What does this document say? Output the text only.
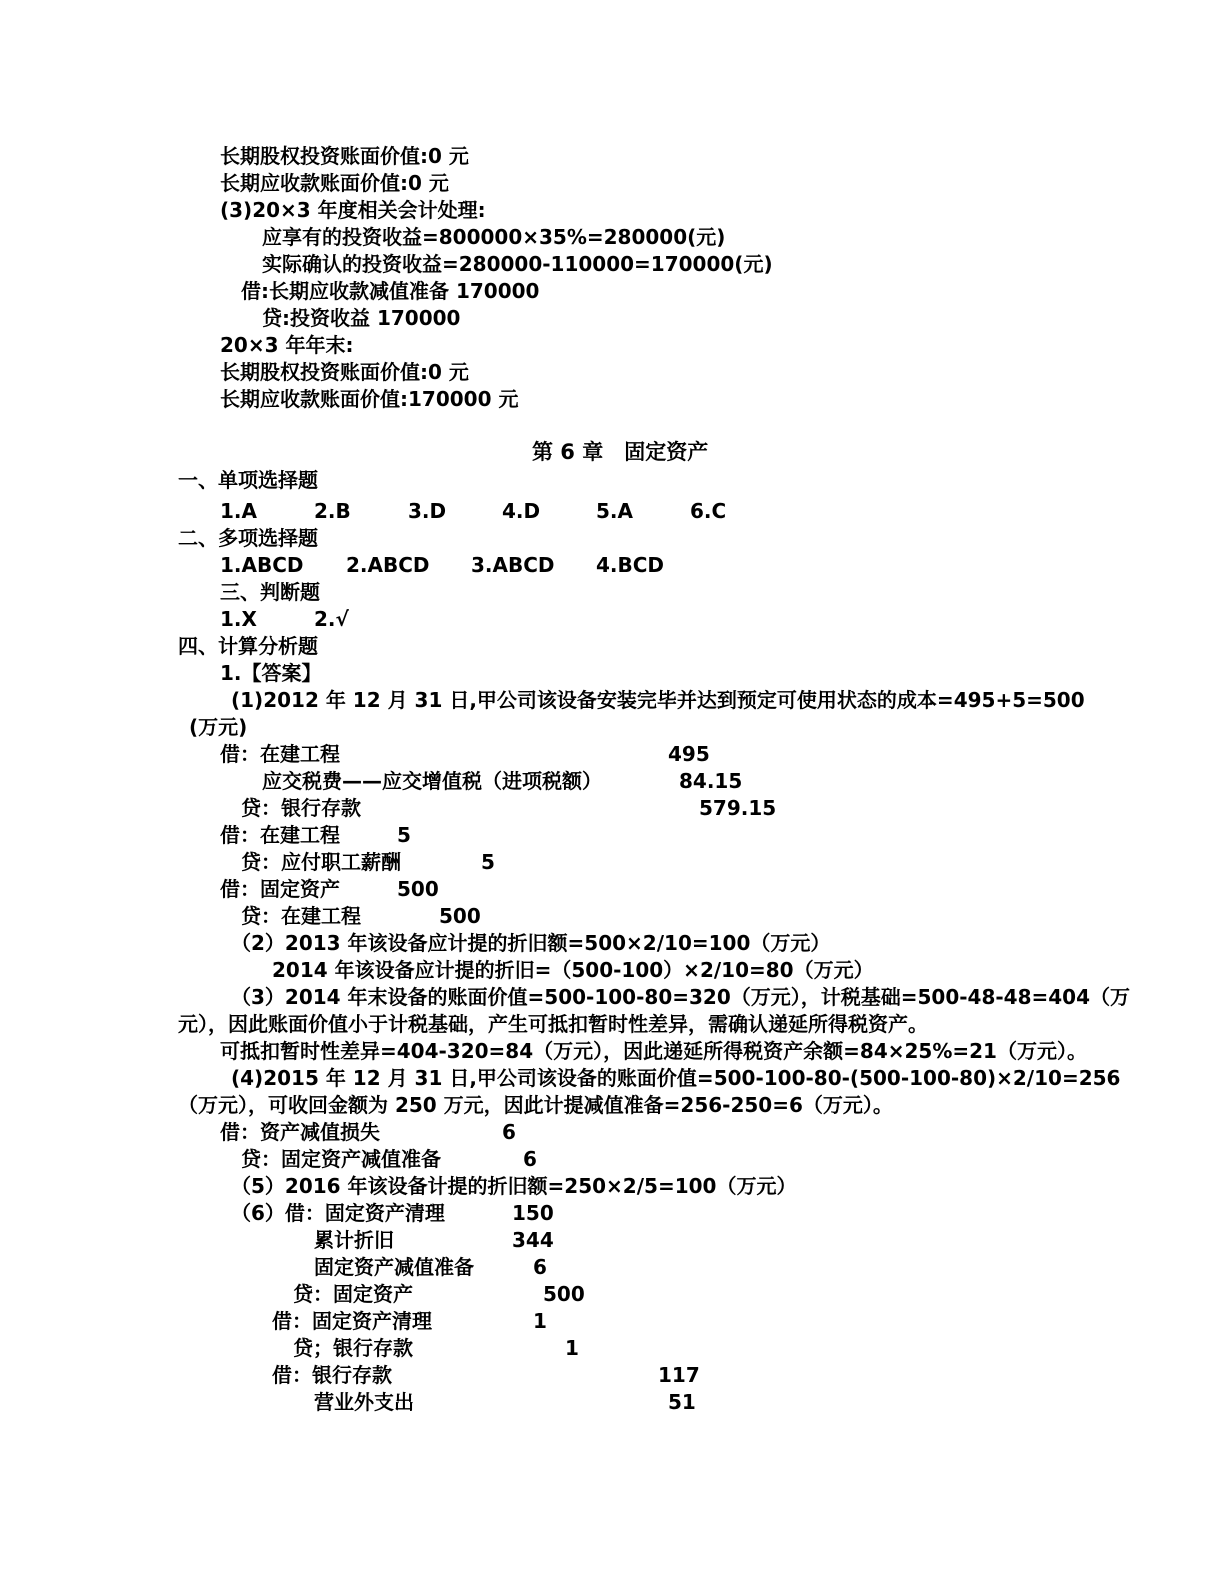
长期股权投资账面价值:0 元
长期应收款账面价值:0 元
(3)20×3 年度相关会计处理:
应享有的投资收益=800000×35%=280000(元)
实际确认的投资收益=280000-110000=170000(元)
借:长期应收款减值准备 170000
贷:投资收益 170000
20×3 年年末:
长期股权投资账面价值:0 元
长期应收款账面价值:170000 元
第 6 章　固定资产
一、单项选择题
1.A	2.B	3.D	4.D	5.A	6.C
二、多项选择题
1.ABCD 2.ABCD 3.ABCD 4.BCD
三、判断题
1.X	2.√
四、计算分析题
1.【答案】
(1)2012 年 12 月 31 日,甲公司该设备安装完毕并达到预定可使用状态的成本=495+5=500
(万元)
借：在建工程	495
应交税费——应交增值税（进项税额）	84.15
贷：银行存款	579.15
借：在建工程	5
贷：应付职工薪酬	5
借：固定资产	500
贷：在建工程	500
（2）2013 年该设备应计提的折旧额=500×2/10=100（万元）
2014 年该设备应计提的折旧=（500-100）×2/10=80（万元）
（3）2014 年末设备的账面价值=500-100-80=320（万元），计税基础=500-48-48=404（万
元），因此账面价值小于计税基础，产生可抵扣暂时性差异，需确认递延所得税资产。
可抵扣暂时性差异=404-320=84（万元），因此递延所得税资产余额=84×25%=21（万元）。
(4)2015 年 12 月 31 日,甲公司该设备的账面价值=500-100-80-(500-100-80)×2/10=256
（万元），可收回金额为 250 万元，因此计提减值准备=256-250=6（万元）。
借：资产减值损失	6
贷：固定资产减值准备	6
（5）2016 年该设备计提的折旧额=250×2/5=100（万元）
（6）借：固定资产清理	150
累计折旧	344
固定资产减值准备	6
贷：固定资产	500
借：固定资产清理	1
贷；银行存款	1
借：银行存款	117
营业外支出	51
